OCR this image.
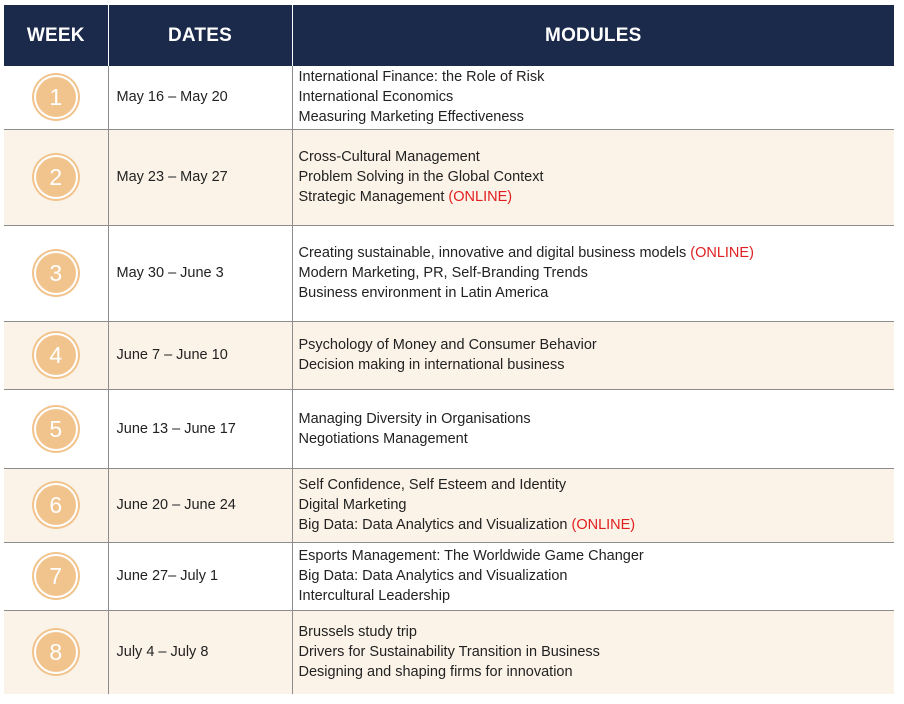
WEEK	DATES	MODULES
1	May 16 – May 20	International Finance: the Role of Risk
International Economics
Measuring Marketing Effectiveness

2	May 23 – May 27	Cross-Cultural Management
Problem Solving in the Global Context
Strategic Management (ONLINE)

3	May 30 – June 3	Creating sustainable, innovative and digital business models (ONLINE)
Modern Marketing, PR, Self-Branding Trends
Business environment in Latin America

4	June 7 – June 10	Psychology of Money and Consumer Behavior
Decision making in international business

5	June 13 – June 17	Managing Diversity in Organisations
Negotiations Management

6	June 20 – June 24	Self Confidence, Self Esteem and Identity
Digital Marketing
Big Data: Data Analytics and Visualization (ONLINE)

7	June 27– July 1	Esports Management: The Worldwide Game Changer
Big Data: Data Analytics and Visualization
Intercultural Leadership

8	July 4 – July 8	Brussels study trip
Drivers for Sustainability Transition in Business
Designing and shaping firms for innovation
